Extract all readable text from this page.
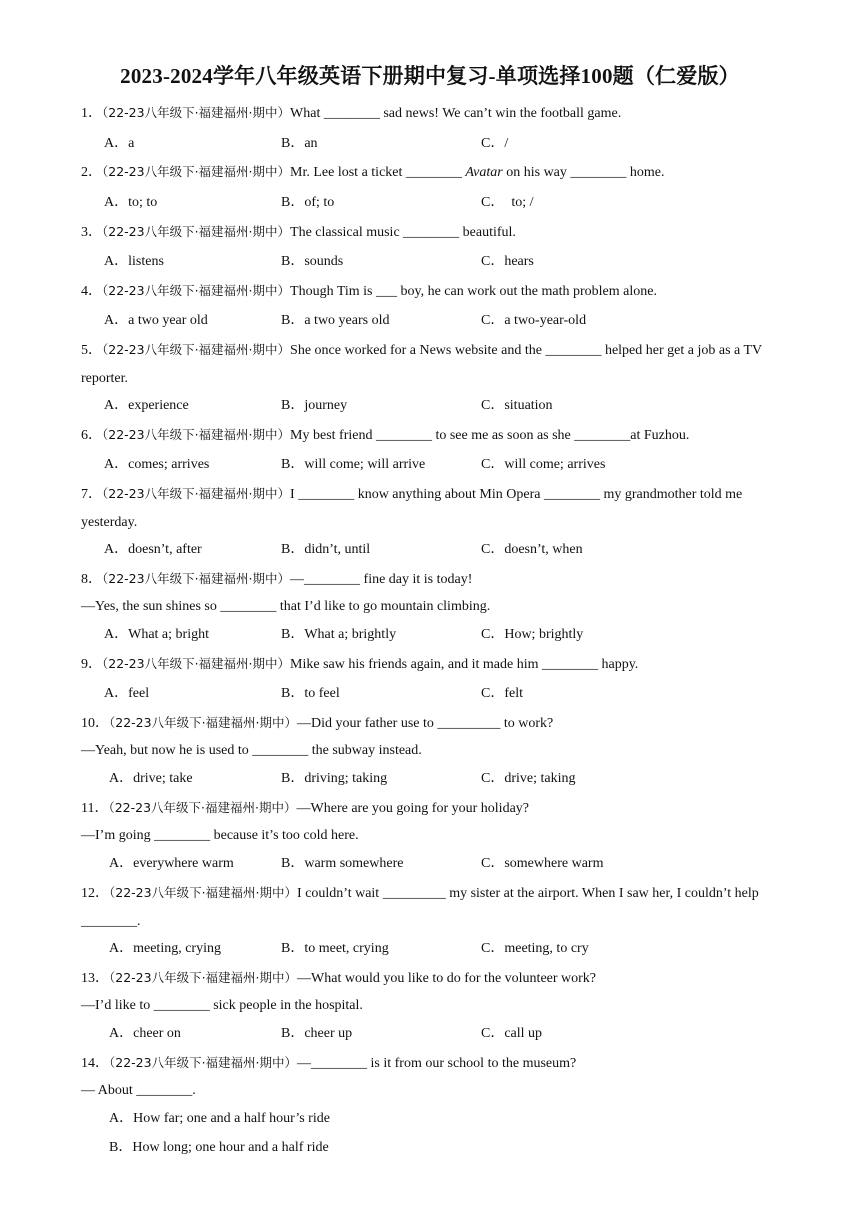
2023-2024学年八年级英语下册期中复习-单项选择100题（仁爱版）
1．（22-23八年级下·福建福州·期中）What ________ sad news! We can’t win the football game.
A．a	B．an	C．/
2．（22-23八年级下·福建福州·期中）Mr. Lee lost a ticket ________ Avatar on his way ________ home.
A．to; to	B．of; to	C．  to; /
3．（22-23八年级下·福建福州·期中）The classical music ________ beautiful.
A．listens	B．sounds	C．hears
4．（22-23八年级下·福建福州·期中）Though Tim is ___ boy, he can work out the math problem alone.
A．a two year old	B．a two years old	C．a two-year-old
5．（22-23八年级下·福建福州·期中）She once worked for a News website and the ________ helped her get a job as a TV reporter.
A．experience	B．journey	C．situation
6．（22-23八年级下·福建福州·期中）My best friend ________ to see me as soon as she ________at Fuzhou.
A．comes; arrives	B．will come; will arrive	C．will come; arrives
7．（22-23八年级下·福建福州·期中）I ________ know anything about Min Opera ________ my grandmother told me yesterday.
A．doesn’t, after	B．didn’t, until	C．doesn’t, when
8．（22-23八年级下·福建福州·期中）—________ fine day it is today!
—Yes, the sun shines so ________ that I’d like to go mountain climbing.
A．What a; bright	B．What a; brightly	C．How; brightly
9．（22-23八年级下·福建福州·期中）Mike saw his friends again, and it made him ________ happy.
A．feel	B．to feel	C．felt
10．（22-23八年级下·福建福州·期中）—Did your father use to _________ to work?
—Yeah, but now he is used to ________ the subway instead.
A．drive; take	B．driving; taking	C．drive; taking
11．（22-23八年级下·福建福州·期中）—Where are you going for your holiday?
—I’m going ________ because it’s too cold here.
A．everywhere warm	B．warm somewhere	C．somewhere warm
12．（22-23八年级下·福建福州·期中）I couldn’t wait _________ my sister at the airport. When I saw her, I couldn’t help ________.
A．meeting, crying	B．to meet, crying	C．meeting, to cry
13．（22-23八年级下·福建福州·期中）—What would you like to do for the volunteer work?
—I’d like to ________ sick people in the hospital.
A．cheer on	B．cheer up	C．call up
14．（22-23八年级下·福建福州·期中）—________ is it from our school to the museum?
— About ________.
A．How far; one and a half hour’s ride
B．How long; one hour and a half ride
